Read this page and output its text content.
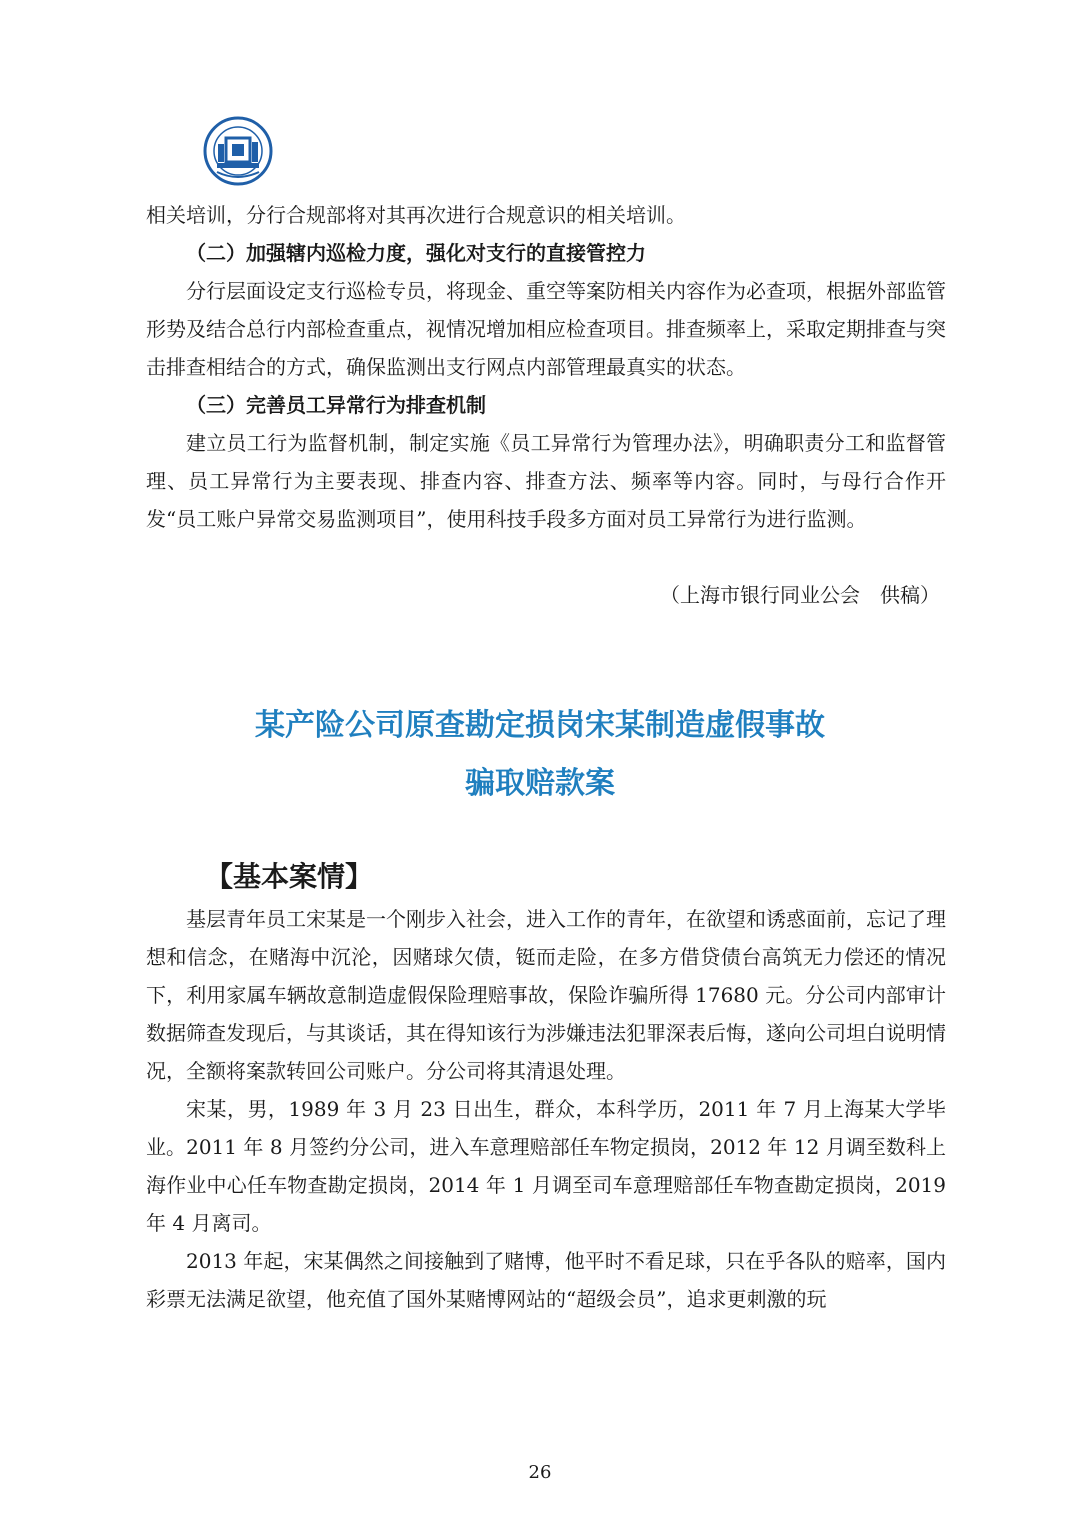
相关培训，分行合规部将对其再次进行合规意识的相关培训。

（二）加强辖内巡检力度，强化对支行的直接管控力

分行层面设定支行巡检专员，将现金、重空等案防相关内容作为必查项，根据外部监管形势及结合总行内部检查重点，视情况增加相应检查项目。排查频率上，采取定期排查与突击排查相结合的方式，确保监测出支行网点内部管理最真实的状态。

（三）完善员工异常行为排查机制

建立员工行为监督机制，制定实施《员工异常行为管理办法》，明确职责分工和监督管理、员工异常行为主要表现、排查内容、排查方法、频率等内容。同时，与母行合作开发“员工账户异常交易监测项目”，使用科技手段多方面对员工异常行为进行监测。

（上海市银行同业公会　供稿）

某产险公司原查勘定损岗宋某制造虚假事故

骗取赔款案

【基本案情】

基层青年员工宋某是一个刚步入社会，进入工作的青年，在欲望和诱惑面前，忘记了理想和信念，在赌海中沉沦，因赌球欠债，铤而走险，在多方借贷债台高筑无力偿还的情况下，利用家属车辆故意制造虚假保险理赔事故，保险诈骗所得 17680 元。分公司内部审计数据筛查发现后，与其谈话，其在得知该行为涉嫌违法犯罪深表后悔，遂向公司坦白说明情况，全额将案款转回公司账户。分公司将其清退处理。

宋某，男，1989 年 3 月 23 日出生，群众，本科学历，2011 年 7 月上海某大学毕业。2011 年 8 月签约分公司，进入车意理赔部任车物定损岗，2012 年 12 月调至数科上海作业中心任车物查勘定损岗，2014 年 1 月调至司车意理赔部任车物查勘定损岗，2019 年 4 月离司。

2013 年起，宋某偶然之间接触到了赌博，他平时不看足球，只在乎各队的赔率，国内彩票无法满足欲望，他充值了国外某赌博网站的“超级会员”，追求更刺激的玩

26
